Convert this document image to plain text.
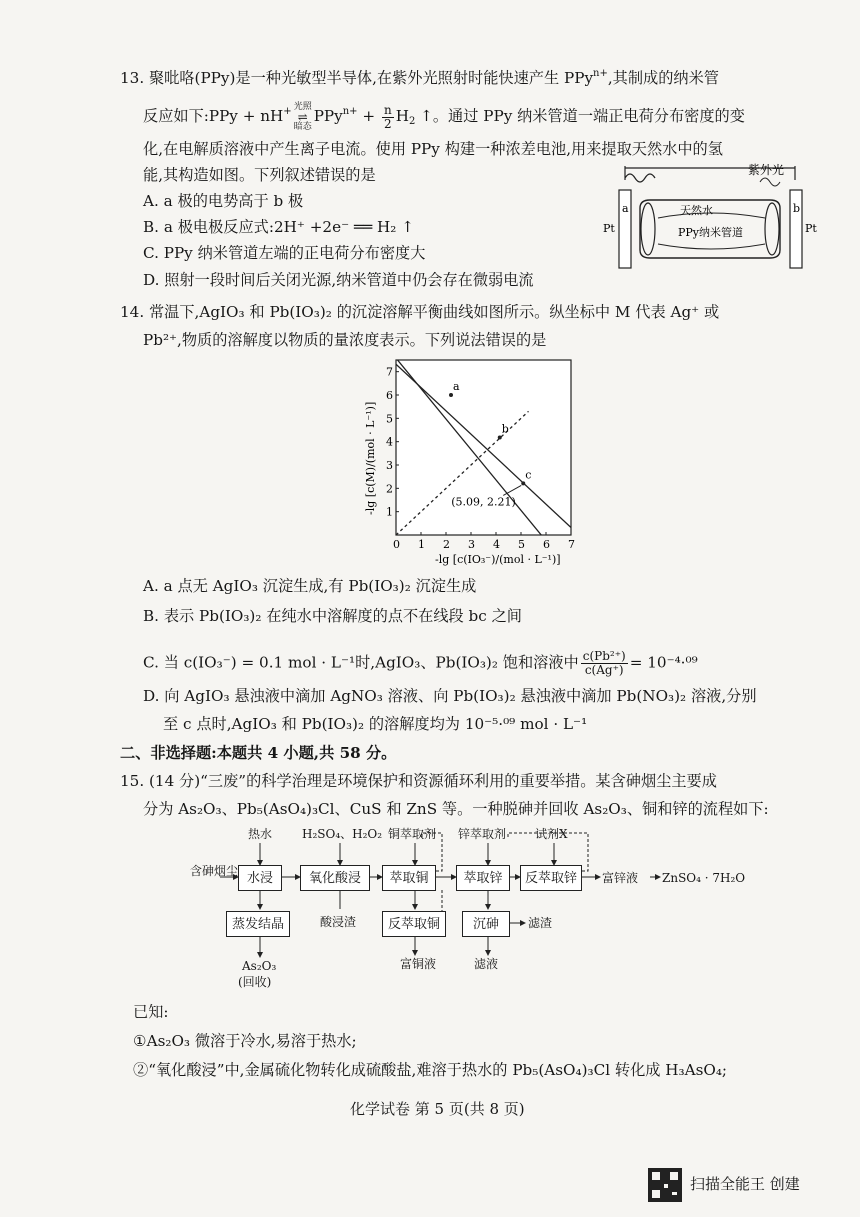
13. 聚吡咯(PPy)是一种光敏型半导体,在紫外光照射时能快速产生 PPy$^{n+}$,其制成的纳米管
反应如下:PPy + nH+ 光照
⇌
暗态
$PPy^{n+} + \frac{n}{2} H_2$ ↑。通过 PPy 纳米管道一端正电荷分布密度的变
化,在电解质溶液中产生离子电流。使用 PPy 构建一种浓差电池,用来提取天然水中的氢
能,其构造如图。下列叙述错误的是
A. a 极的电势高于 b 极
B. a 极电极反应式:2H⁺ +2e⁻ ══ H₂ ↑
C. PPy 纳米管道左端的正电荷分布密度大
D. 照射一段时间后关闭光源,纳米管道中仍会存在微弱电流
紫外光
a
Pt
b
Pt
天然水
PPy纳米管道
14. 常温下,AgIO₃ 和 Pb(IO₃)₂ 的沉淀溶解平衡曲线如图所示。纵坐标中 M 代表 Ag⁺ 或
Pb²⁺,物质的溶解度以物质的量浓度表示。下列说法错误的是
0 1 2 3 4 5 6 7
1
2
3
4
5
6
7
a
b
c
-lg [c(IO₃⁻)/(mol · L⁻¹)]
-lg [c(M)/(mol · L⁻¹)]	(5.09, 2.21)
A. a 点无 AgIO₃ 沉淀生成,有 Pb(IO₃)₂ 沉淀生成
B. 表示 Pb(IO₃)₂ 在纯水中溶解度的点不在线段 bc 之间
C. 当 c(IO₃⁻) = 0.1 mol · L⁻¹时,AgIO₃、Pb(IO₃)₂ 饱和溶液中 $\frac{\text{c(Pb²⁺)}}{c(Ag^+)} = 10^{-4}\cdot^{09}$
D. 向 AgIO₃ 悬浊液中滴加 AgNO₃ 溶液、向 Pb(IO₃)₂ 悬浊液中滴加 Pb(NO₃)₂ 溶液,分别
至 c 点时,AgIO₃ 和 Pb(IO₃)₂ 的溶解度均为 10⁻⁵·⁰⁹ mol · L⁻¹
二、非选择题:本题共 4 小题,共 58 分。
15. (14 分)“三废”的科学治理是环境保护和资源循环利用的重要举措。某含砷烟尘主要成
分为 As₂O₃、Pb₅(AsO₄)₃Cl、CuS 和 ZnS 等。一种脱砷并回收 As₂O₃、铜和锌的流程如下:
含砷烟尘
热水 H₂SO₄、H₂O₂ 铜萃取剂 锌萃取剂 试剂X
水浸	氧化酸浸	萃取铜	萃取锌	反萃取锌	富锌液 ZnSO₄ · 7H₂O
蒸发结晶	酸浸渣	反萃取铜	沉砷	滤渣
As₂O₃
(回收)
富铜液	滤液
已知:
①As₂O₃ 微溶于冷水,易溶于热水;
②“氧化酸浸”中,金属硫化物转化成硫酸盐,难溶于热水的 Pb₅(AsO₄)₃Cl 转化成 H₃AsO₄;
化学试卷 第 5 页(共 8 页)
扫描全能王 创建
